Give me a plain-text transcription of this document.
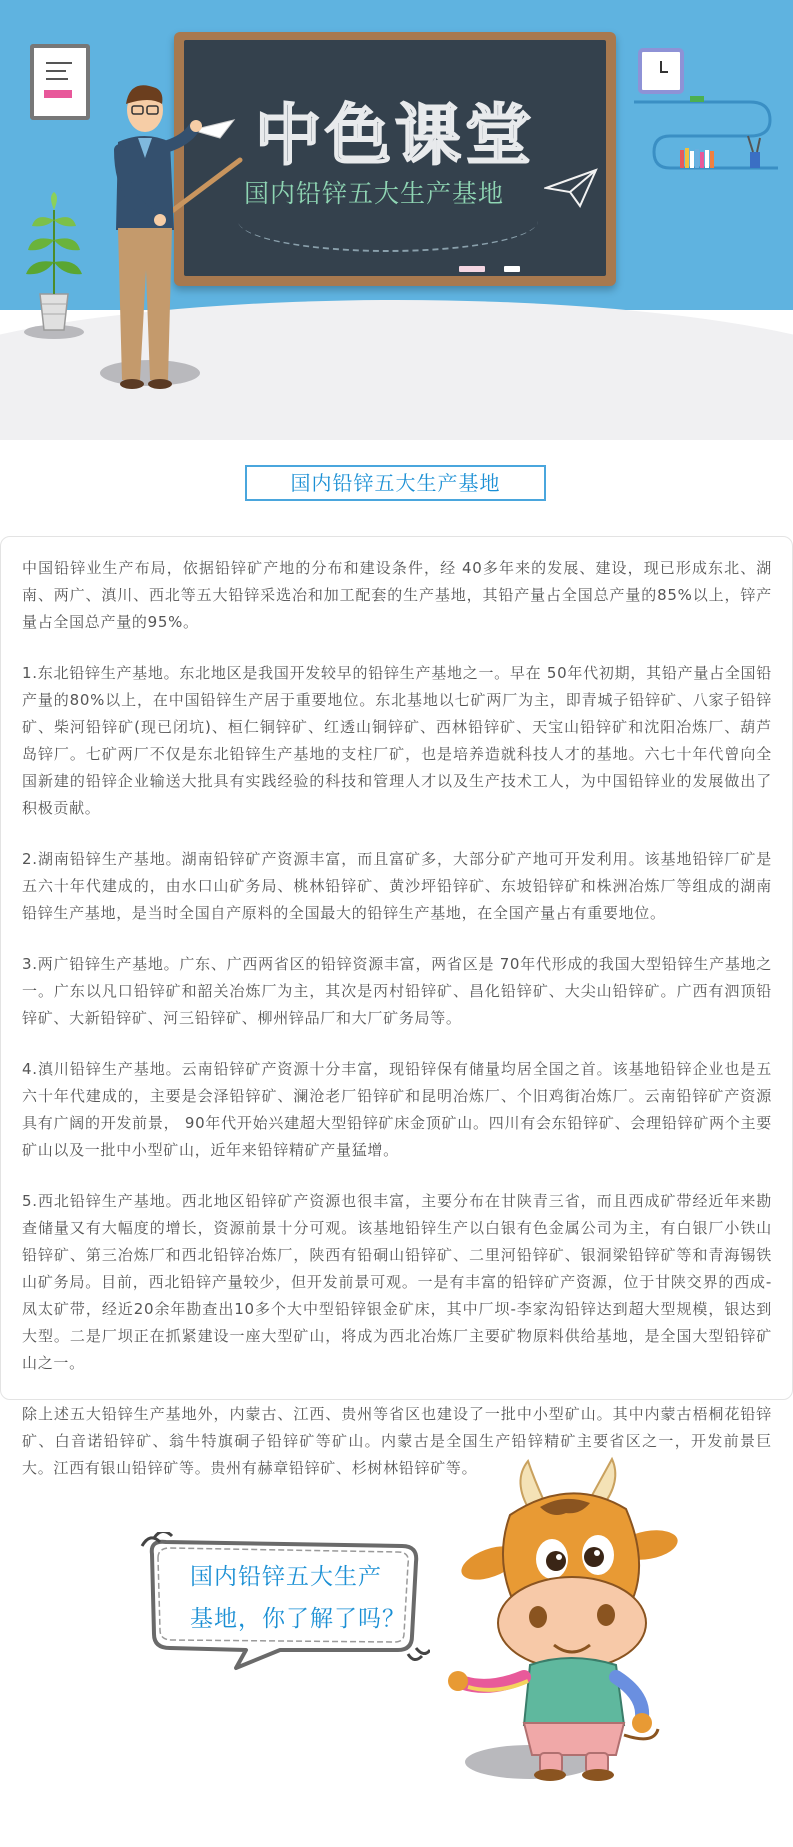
中色课堂
国内铅锌五大生产基地
国内铅锌五大生产基地

中国铅锌业生产布局，依据铅锌矿产地的分布和建设条件，经 40多年来的发展、建设，现已形成东北、湖南、两广、滇川、西北等五大铅锌采选冶和加工配套的生产基地，其铅产量占全国总产量的85%以上，锌产量占全国总产量的95%。

1.东北铅锌生产基地。东北地区是我国开发较早的铅锌生产基地之一。早在 50年代初期，其铅产量占全国铅产量的80%以上，在中国铅锌生产居于重要地位。东北基地以七矿两厂为主，即青城子铅锌矿、八家子铅锌矿、柴河铅锌矿(现已闭坑)、桓仁铜锌矿、红透山铜锌矿、西林铅锌矿、天宝山铅锌矿和沈阳冶炼厂、葫芦岛锌厂。七矿两厂不仅是东北铅锌生产基地的支柱厂矿，也是培养造就科技人才的基地。六七十年代曾向全国新建的铅锌企业输送大批具有实践经验的科技和管理人才以及生产技术工人，为中国铅锌业的发展做出了积极贡献。

2.湖南铅锌生产基地。湖南铅锌矿产资源丰富，而且富矿多，大部分矿产地可开发利用。该基地铅锌厂矿是五六十年代建成的，由水口山矿务局、桃林铅锌矿、黄沙坪铅锌矿、东坡铅锌矿和株洲冶炼厂等组成的湖南铅锌生产基地，是当时全国自产原料的全国最大的铅锌生产基地，在全国产量占有重要地位。

3.两广铅锌生产基地。广东、广西两省区的铅锌资源丰富，两省区是 70年代形成的我国大型铅锌生产基地之一。广东以凡口铅锌矿和韶关冶炼厂为主，其次是丙村铅锌矿、昌化铅锌矿、大尖山铅锌矿。广西有泗顶铅锌矿、大新铅锌矿、河三铅锌矿、柳州锌品厂和大厂矿务局等。

4.滇川铅锌生产基地。云南铅锌矿产资源十分丰富，现铅锌保有储量均居全国之首。该基地铅锌企业也是五六十年代建成的，主要是会泽铅锌矿、澜沧老厂铅锌矿和昆明冶炼厂、个旧鸡街冶炼厂。云南铅锌矿产资源具有广阔的开发前景， 90年代开始兴建超大型铅锌矿床金顶矿山。四川有会东铅锌矿、会理铅锌矿两个主要矿山以及一批中小型矿山，近年来铅锌精矿产量猛增。

5.西北铅锌生产基地。西北地区铅锌矿产资源也很丰富，主要分布在甘陕青三省，而且西成矿带经近年来勘查储量又有大幅度的增长，资源前景十分可观。该基地铅锌生产以白银有色金属公司为主，有白银厂小铁山铅锌矿、第三冶炼厂和西北铅锌冶炼厂，陕西有铅硐山铅锌矿、二里河铅锌矿、银洞梁铅锌矿等和青海锡铁山矿务局。目前，西北铅锌产量较少，但开发前景可观。一是有丰富的铅锌矿产资源，位于甘陕交界的西成-凤太矿带，经近20余年勘查出10多个大中型铅锌银金矿床，其中厂坝-李家沟铅锌达到超大型规模，银达到大型。二是厂坝正在抓紧建设一座大型矿山，将成为西北冶炼厂主要矿物原料供给基地，是全国大型铅锌矿山之一。

除上述五大铅锌生产基地外，内蒙古、江西、贵州等省区也建设了一批中小型矿山。其中内蒙古梧桐花铅锌矿、白音诺铅锌矿、翁牛特旗硐子铅锌矿等矿山。内蒙古是全国生产铅锌精矿主要省区之一，开发前景巨大。江西有银山铅锌矿等。贵州有赫章铅锌矿、杉树林铅锌矿等。

国内铅锌五大生产
基地，你了解了吗？
